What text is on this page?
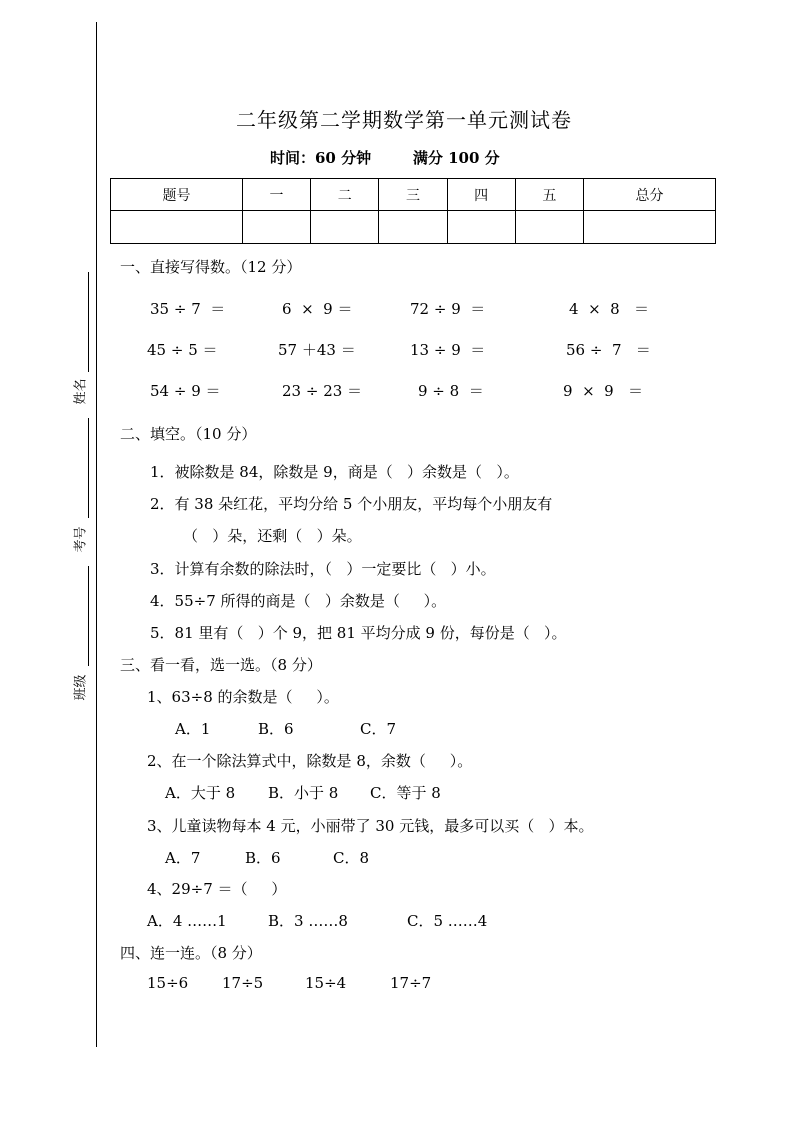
姓名
考号
班级
二年级第二学期数学第一单元测试卷
时间：60 分钟	满分 100 分
题号	一	二	三	四	五	总分

一、直接写得数。（12 分）
35 ÷ 7  ＝	6  ×  9 ＝	72 ÷ 9  ＝	4  ×  8   ＝
45 ÷ 5 ＝	57 ＋43 ＝	13 ÷ 9  ＝	56 ÷  7   ＝
54 ÷ 9 ＝	23 ÷ 23 ＝	9 ÷ 8  ＝	9  ×  9   ＝
二、填空。（10 分）
1．被除数是 84，除数是 9，商是（   ）余数是（   ）。
2．有 38 朵红花，平均分给 5 个小朋友，平均每个小朋友有
（   ）朵，还剩（   ）朵。
3．计算有余数的除法时，（   ）一定要比（   ）小。
4．55÷7 所得的商是（   ）余数是（     ）。
5．81 里有（   ）个 9，把 81 平均分成 9 份，每份是（   ）。
三、看一看，选一选。（8 分）
1、63÷8 的余数是（     ）。
A．1	B．6	C．7
2、在一个除法算式中，除数是 8，余数（     ）。
A．大于 8 B．小于 8 C．等于 8
3、儿童读物每本 4 元，小丽带了 30 元钱，最多可以买（   ）本。
A．7	B．6	C．8
4、29÷7 ＝（     ）
A．4 ……1	B．3 ……8	C．5 ……4
四、连一连。（8 分）
15÷6 17÷5	15÷4	17÷7
